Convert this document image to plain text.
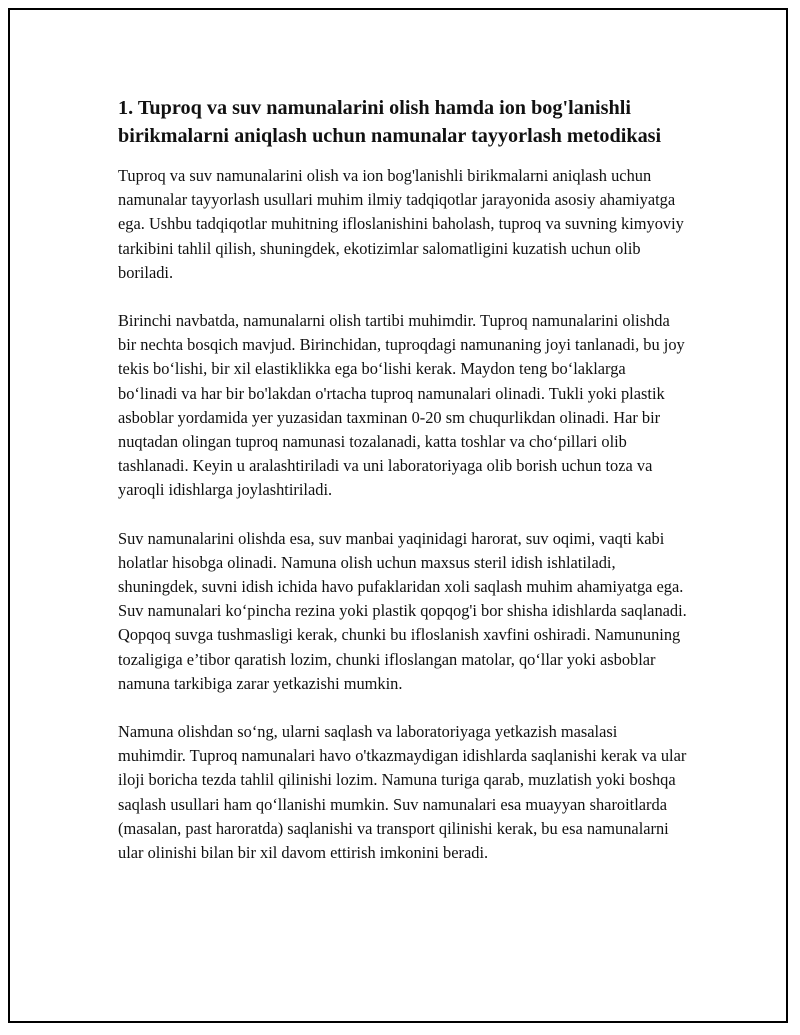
1. Tuproq va suv namunalarini olish hamda ion bog'lanishli birikmalarni aniqlash uchun namunalar tayyorlash metodikasi

Tuproq va suv namunalarini olish va ion bog'lanishli birikmalarni aniqlash uchun namunalar tayyorlash usullari muhim ilmiy tadqiqotlar jarayonida asosiy ahamiyatga ega. Ushbu tadqiqotlar muhitning ifloslanishini baholash, tuproq va suvning kimyoviy tarkibini tahlil qilish, shuningdek, ekotizimlar salomatligini kuzatish uchun olib boriladi.

Birinchi navbatda, namunalarni olish tartibi muhimdir. Tuproq namunalarini olishda bir nechta bosqich mavjud. Birinchidan, tuproqdagi namunaning joyi tanlanadi, bu joy tekis bo‘lishi, bir xil elastiklikka ega bo‘lishi kerak. Maydon teng bo‘laklarga bo‘linadi va har bir bo'lakdan o'rtacha tuproq namunalari olinadi. Tukli yoki plastik asboblar yordamida yer yuzasidan taxminan 0-20 sm chuqurlikdan olinadi. Har bir nuqtadan olingan tuproq namunasi tozalanadi, katta toshlar va cho‘pillari olib tashlanadi. Keyin u aralashtiriladi va uni laboratoriyaga olib borish uchun toza va yaroqli idishlarga joylashtiriladi.

Suv namunalarini olishda esa, suv manbai yaqinidagi harorat, suv oqimi, vaqti kabi holatlar hisobga olinadi. Namuna olish uchun maxsus steril idish ishlatiladi, shuningdek, suvni idish ichida havo pufaklaridan xoli saqlash muhim ahamiyatga ega. Suv namunalari ko‘pincha rezina yoki plastik qopqog'i bor shisha idishlarda saqlanadi. Qopqoq suvga tushmasligi kerak, chunki bu ifloslanish xavfini oshiradi. Namununing tozaligiga e’tibor qaratish lozim, chunki ifloslangan matolar, qo‘llar yoki asboblar namuna tarkibiga zarar yetkazishi mumkin.

Namuna olishdan so‘ng, ularni saqlash va laboratoriyaga yetkazish masalasi muhimdir. Tuproq namunalari havo o'tkazmaydigan idishlarda saqlanishi kerak va ular iloji boricha tezda tahlil qilinishi lozim. Namuna turiga qarab, muzlatish yoki boshqa saqlash usullari ham qo‘llanishi mumkin. Suv namunalari esa muayyan sharoitlarda (masalan, past haroratda) saqlanishi va transport qilinishi kerak, bu esa namunalarni ular olinishi bilan bir xil davom ettirish imkonini beradi.
